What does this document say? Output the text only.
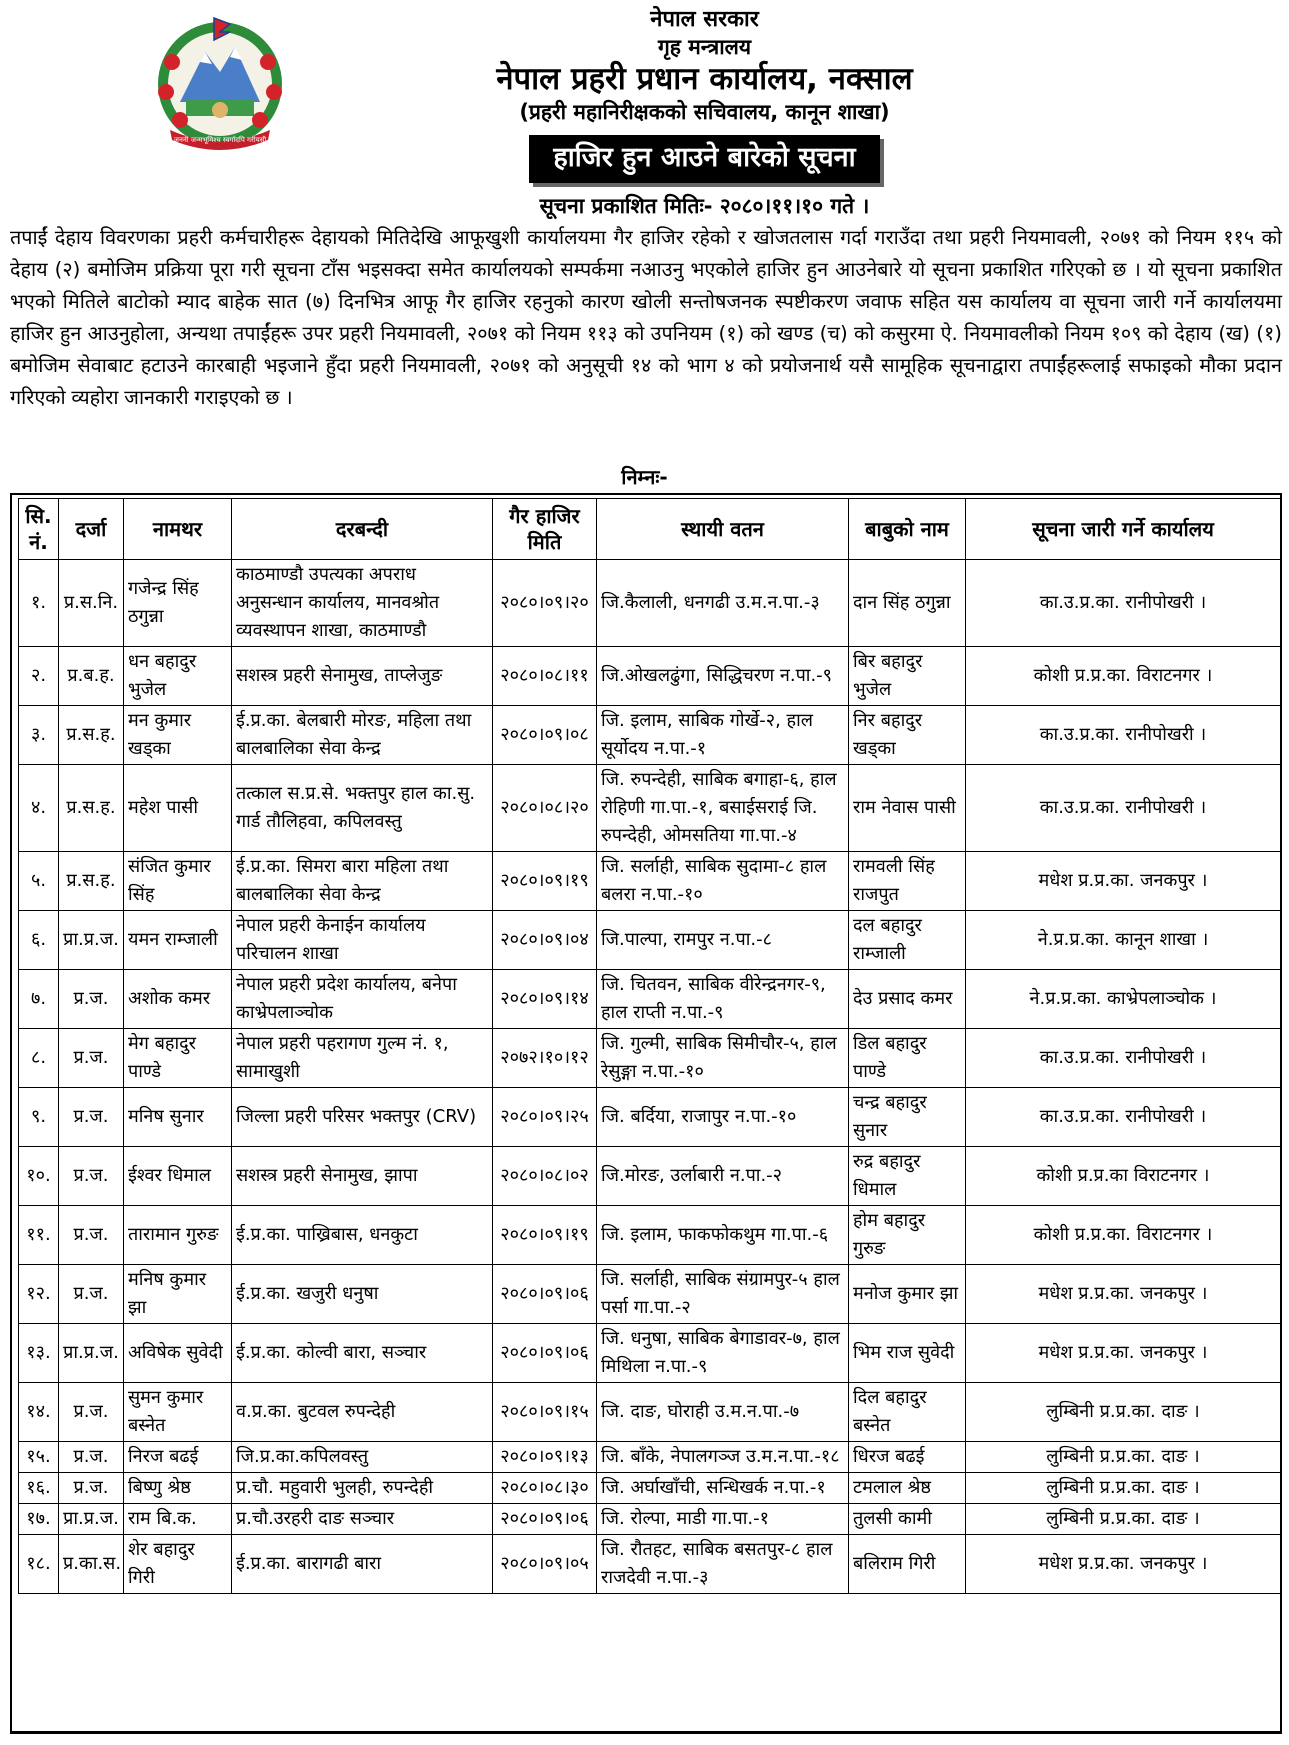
जननी जन्मभूमिश्च स्वर्गादपि गरीयसी
नेपाल सरकार
गृह मन्त्रालय
नेपाल प्रहरी प्रधान कार्यालय, नक्साल
(प्रहरी महानिरीक्षकको सचिवालय, कानून शाखा)
हाजिर हुन आउने बारेको सूचना
सूचना प्रकाशित मितिः- २०८०।११।१० गते ।
तपाईं देहाय विवरणका प्रहरी कर्मचारीहरू देहायको मितिदेखि आफूखुशी कार्यालयमा गैर हाजिर रहेको र खोजतलास गर्दा गराउँदा तथा प्रहरी नियमावली, २०७१ को नियम ११५ को देहाय (२) बमोजिम प्रक्रिया पूरा गरी सूचना टाँस भइसक्दा समेत कार्यालयको सम्पर्कमा नआउनु भएकोले हाजिर हुन आउनेबारे यो सूचना प्रकाशित गरिएको छ । यो सूचना प्रकाशित भएको मितिले बाटोको म्याद बाहेक सात (७) दिनभित्र आफू गैर हाजिर रहनुको कारण खोली सन्तोषजनक स्पष्टीकरण जवाफ सहित यस कार्यालय वा सूचना जारी गर्ने कार्यालयमा हाजिर हुन आउनुहोला, अन्यथा तपाईंहरू उपर प्रहरी नियमावली, २०७१ को नियम ११३ को उपनियम (१) को खण्ड (च) को कसुरमा ऐ. नियमावलीको नियम १०९ को देहाय (ख) (१) बमोजिम सेवाबाट हटाउने कारबाही भइजाने हुँदा प्रहरी नियमावली, २०७१ को अनुसूची १४ को भाग ४ को प्रयोजनार्थ यसै सामूहिक सूचनाद्वारा तपाईंहरूलाई सफाइको मौका प्रदान गरिएको व्यहोरा जानकारी गराइएको छ ।
निम्नः-
सि. नं.	दर्जा	नामथर	दरबन्दी	गैर हाजिर मिति	स्थायी वतन	बाबुको नाम	सूचना जारी गर्ने कार्यालय
१.	प्र.स.नि.	गजेन्द्र सिंह ठगुन्ना	काठमाण्डौ उपत्यका अपराध अनुसन्धान कार्यालय, मानवश्रोत व्यवस्थापन शाखा, काठमाण्डौ	२०८०।०९।२०	जि.कैलाली, धनगढी उ.म.न.पा.-३	दान सिंह ठगुन्ना	का.उ.प्र.का. रानीपोखरी ।
२.	प्र.ब.ह.	धन बहादुर भुजेल	सशस्त्र प्रहरी सेनामुख, ताप्लेजुङ	२०८०।०८।११	जि.ओखलढुंगा, सिद्धिचरण न.पा.-९	बिर बहादुर भुजेल	कोशी प्र.प्र.का. विराटनगर ।
३.	प्र.स.ह.	मन कुमार खड्का	ई.प्र.का. बेलबारी मोरङ, महिला तथा बालबालिका सेवा केन्द्र	२०८०।०९।०८	जि. इलाम, साबिक गोर्खे-२, हाल सूर्योदय न.पा.-१	निर बहादुर खड्का	का.उ.प्र.का. रानीपोखरी ।
४.	प्र.स.ह.	महेश पासी	तत्काल स.प्र.से. भक्तपुर हाल का.सु. गार्ड तौलिहवा, कपिलवस्तु	२०८०।०८।२०	जि. रुपन्देही, साबिक बगाहा-६, हाल रोहिणी गा.पा.-१, बसाईसराई जि. रुपन्देही, ओमसतिया गा.पा.-४	राम नेवास पासी	का.उ.प्र.का. रानीपोखरी ।
५.	प्र.स.ह.	संजित कुमार सिंह	ई.प्र.का. सिमरा बारा महिला तथा बालबालिका सेवा केन्द्र	२०८०।०९।१९	जि. सर्लाही, साबिक सुदामा-८ हाल बलरा न.पा.-१०	रामवली सिंह राजपुत	मधेश प्र.प्र.का. जनकपुर ।
६.	प्रा.प्र.ज.	यमन राम्जाली	नेपाल प्रहरी केनाईन कार्यालय परिचालन शाखा	२०८०।०९।०४	जि.पाल्पा, रामपुर न.पा.-८	दल बहादुर राम्जाली	ने.प्र.प्र.का. कानून शाखा ।
७.	प्र.ज.	अशोक कमर	नेपाल प्रहरी प्रदेश कार्यालय, बनेपा काभ्रेपलाञ्चोक	२०८०।०९।१४	जि. चितवन, साबिक वीरेन्द्रनगर-९, हाल राप्ती न.पा.-९	देउ प्रसाद कमर	ने.प्र.प्र.का. काभ्रेपलाञ्चोक ।
८.	प्र.ज.	मेग बहादुर पाण्डे	नेपाल प्रहरी पहरागण गुल्म नं. १, सामाखुशी	२०७२।१०।१२	जि. गुल्मी, साबिक सिमीचौर-५, हाल रेसुङ्गा न.पा.-१०	डिल बहादुर पाण्डे	का.उ.प्र.का. रानीपोखरी ।
९.	प्र.ज.	मनिष सुनार	जिल्ला प्रहरी परिसर भक्तपुर (CRV)	२०८०।०९।२५	जि. बर्दिया, राजापुर न.पा.-१०	चन्द्र बहादुर सुनार	का.उ.प्र.का. रानीपोखरी ।
१०.	प्र.ज.	ईश्वर धिमाल	सशस्त्र प्रहरी सेनामुख, झापा	२०८०।०८।०२	जि.मोरङ, उर्लाबारी न.पा.-२	रुद्र बहादुर धिमाल	कोशी प्र.प्र.का विराटनगर ।
११.	प्र.ज.	तारामान गुरुङ	ई.प्र.का. पाख्रिबास, धनकुटा	२०८०।०९।१९	जि. इलाम, फाकफोकथुम गा.पा.-६	होम बहादुर गुरुङ	कोशी प्र.प्र.का. विराटनगर ।
१२.	प्र.ज.	मनिष कुमार झा	ई.प्र.का. खजुरी धनुषा	२०८०।०९।०६	जि. सर्लाही, साबिक संग्रामपुर-५ हाल पर्सा गा.पा.-२	मनोज कुमार झा	मधेश प्र.प्र.का. जनकपुर ।
१३.	प्रा.प्र.ज.	अविषेक सुवेदी	ई.प्र.का. कोल्वी बारा, सञ्चार	२०८०।०९।०६	जि. धनुषा, साबिक बेगाडावर-७, हाल मिथिला न.पा.-९	भिम राज सुवेदी	मधेश प्र.प्र.का. जनकपुर ।
१४.	प्र.ज.	सुमन कुमार बस्नेत	व.प्र.का. बुटवल रुपन्देही	२०८०।०९।१५	जि. दाङ, घोराही उ.म.न.पा.-७	दिल बहादुर बस्नेत	लुम्बिनी प्र.प्र.का. दाङ ।
१५.	प्र.ज.	निरज बढई	जि.प्र.का.कपिलवस्तु	२०८०।०९।१३	जि. बाँके, नेपालगञ्ज उ.म.न.पा.-१८	धिरज बढई	लुम्बिनी प्र.प्र.का. दाङ ।
१६.	प्र.ज.	बिष्णु श्रेष्ठ	प्र.चौ. महुवारी भुलही, रुपन्देही	२०८०।०८।३०	जि. अर्घाखाँची, सन्धिखर्क न.पा.-१	टमलाल श्रेष्ठ	लुम्बिनी प्र.प्र.का. दाङ ।
१७.	प्रा.प्र.ज.	राम बि.क.	प्र.चौ.उरहरी दाङ सञ्चार	२०८०।०९।०६	जि. रोल्पा, माडी गा.पा.-१	तुलसी कामी	लुम्बिनी प्र.प्र.का. दाङ ।
१८.	प्र.का.स.	शेर बहादुर गिरी	ई.प्र.का. बारागढी बारा	२०८०।०९।०५	जि. रौतहट, साबिक बसतपुर-८ हाल राजदेवी न.पा.-३	बलिराम गिरी	मधेश प्र.प्र.का. जनकपुर ।
